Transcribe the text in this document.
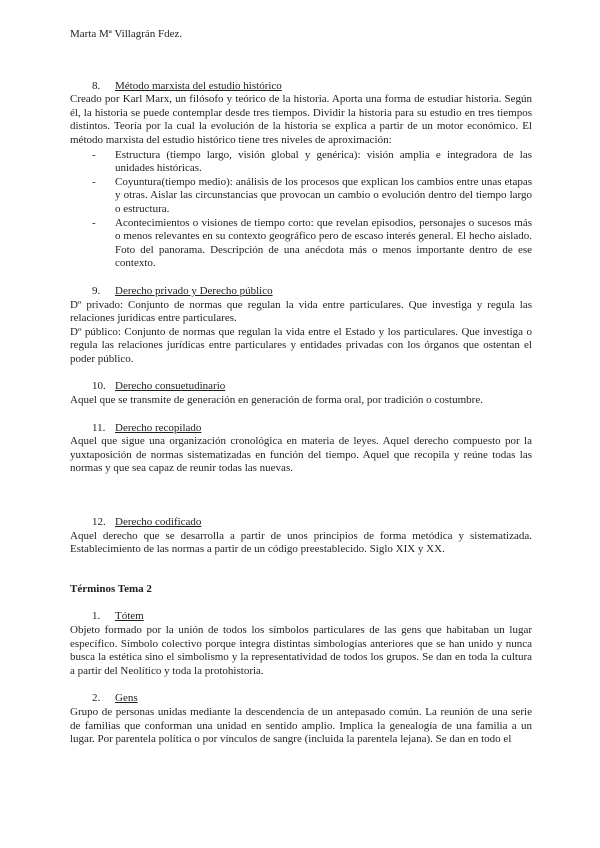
Marta Mª Villagrán Fdez.
8.	Método marxista del estudio histórico

Creado por Karl Marx, un filósofo y teórico de la historia. Aporta una forma de estudiar historia. Según él, la historia se puede contemplar desde tres tiempos. Dividir la historia para su estudio en tres tiempos distintos. Teoría por la cual la evolución de la historia se explica a partir de un motor económico. El método marxista del estudio histórico tiene tres niveles de aproximación:

-	Estructura (tiempo largo, visión global y genérica): visión amplia e integradora de las unidades históricas.
-	Coyuntura(tiempo medio): análisis de los procesos que explican los cambios entre unas etapas y otras. Aislar las circunstancias que provocan un cambio o evolución dentro del tiempo largo o estructura.
-	Acontecimientos o visiones de tiempo corto: que revelan episodios, personajes o sucesos más o menos relevantes en su contexto geográfico pero de escaso interés general. El hecho aislado. Foto del panorama. Descripción de una anécdota más o menos importante dentro de ese contexto.
9.	Derecho privado y Derecho público

Dº privado: Conjunto de normas que regulan la vida entre particulares. Que investiga y regula las relaciones jurídicas entre particulares.

Dº público: Conjunto de normas que regulan la vida entre el Estado y los particulares. Que investiga o regula las relaciones jurídicas entre particulares y entidades privadas con los órganos que ostentan el poder público.

10. Derecho consuetudinario

Aquel que se transmite de generación en generación de forma oral, por tradición o costumbre.

11. Derecho recopilado

Aquel que sigue una organización cronológica en materia de leyes. Aquel derecho compuesto por la yuxtaposición de normas sistematizadas en función del tiempo. Aquel que recopila y reúne todas las normas y que sea capaz de reunir todas las nuevas.

12. Derecho codificado

Aquel derecho que se desarrolla a partir de unos principios de forma metódica y sistematizada. Establecimiento de las normas a partir de un código preestablecido. Siglo XIX y XX.

Términos Tema 2
1.	Tótem

Objeto formado por la unión de todos los símbolos particulares de las gens que habitaban un lugar específico. Símbolo colectivo porque integra distintas simbologías anteriores que se han unido y nunca busca la estética sino el simbolismo y la representatividad de todos los grupos. Se dan en toda la cultura a partir del Neolítico y toda la protohistoria.

2.	Gens

Grupo de personas unidas mediante la descendencia de un antepasado común. La reunión de una serie de familias que conforman una unidad en sentido amplio. Implica la genealogía de una familia a un lugar. Por parentela política o por vínculos de sangre (incluida la parentela lejana). Se dan en todo el
